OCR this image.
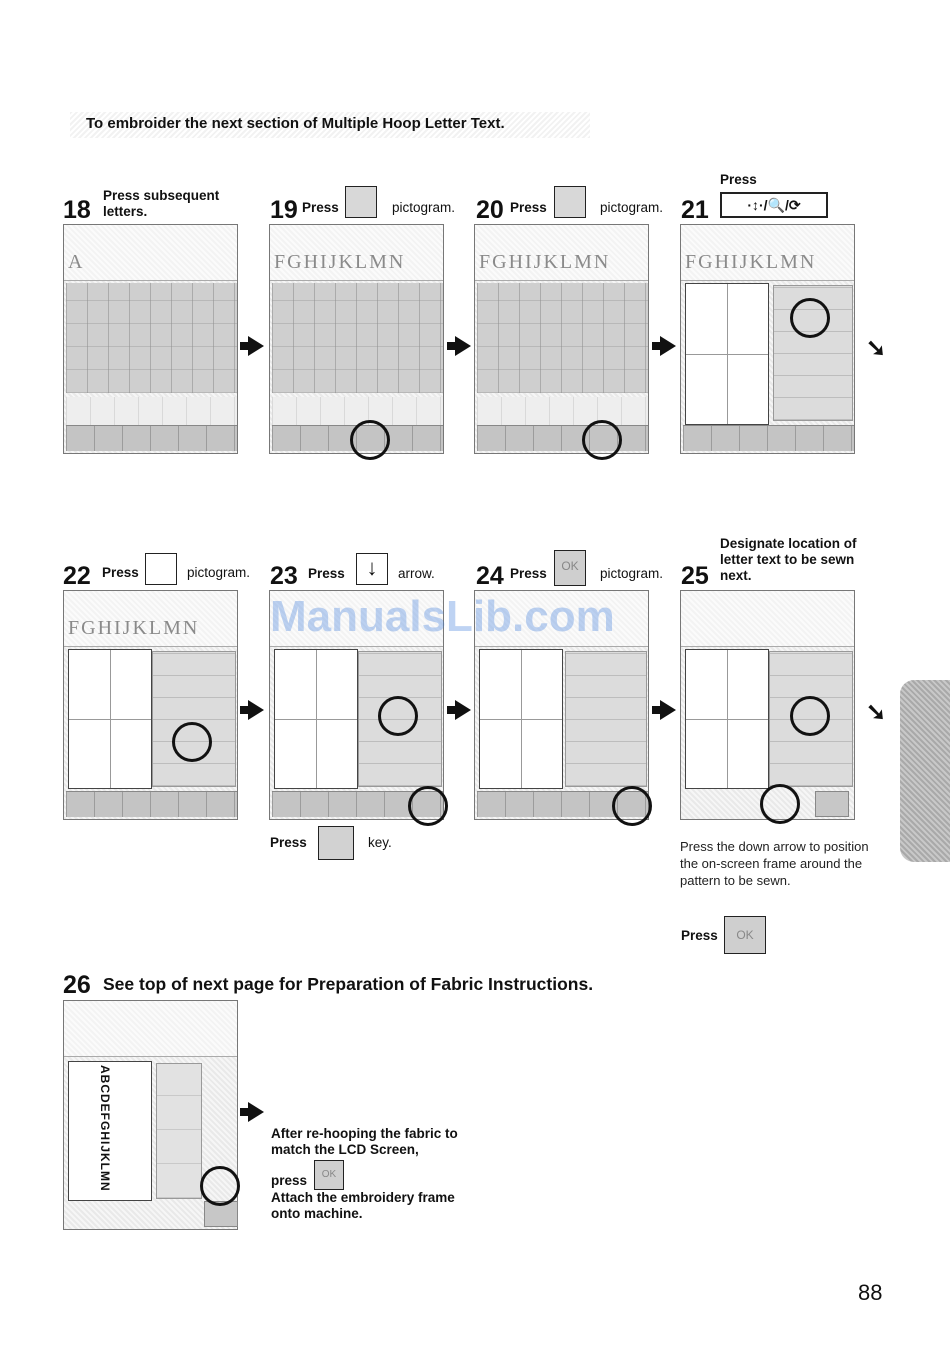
To embroider the next section of Multiple Hoop Letter Text.
18
Press subsequent
letters.
A
19 Press	pictogram.
FGHIJKLMN
20 Press	pictogram.
FGHIJKLMN
21
Press
·↕·/🔍/⟳
FGHIJKLMN
➘
22 Press	pictogram.
FGHIJKLMN
23 Press ↓	arrow.
Press	key.
24 Press	OK	pictogram. 25
Designate location of
letter text to be sewn
next.
➘
Press the down arrow to position the on-screen frame around the pattern to be sewn.
Press	OK
26 See top of next page for Preparation of Fabric Instructions.
ABCDEFGHIJKLMN	After re-hooping the fabric to match the LCD Screen,
press	OK
Attach the embroidery frame onto machine.
ManualsLib.com
88
